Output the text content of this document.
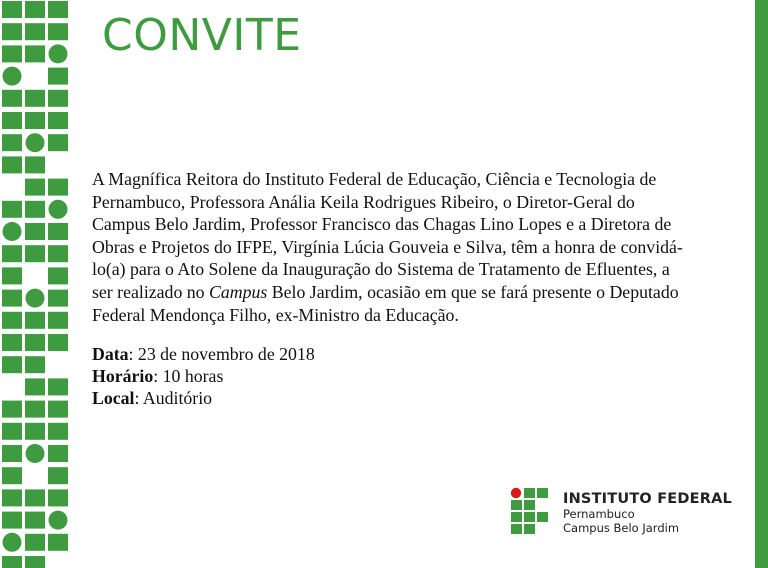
CONVITE
A Magnífica Reitora do Instituto Federal de Educação, Ciência e Tecnologia de
Pernambuco, Professora Anália Keila Rodrigues Ribeiro, o Diretor-Geral do
Campus Belo Jardim, Professor Francisco das Chagas Lino Lopes e a Diretora de
Obras e Projetos do IFPE, Virgínia Lúcia Gouveia e Silva, têm a honra de convidá-
lo(a) para o Ato Solene da Inauguração do Sistema de Tratamento de Efluentes, a
ser realizado no Campus Belo Jardim, ocasião em que se fará presente o Deputado
Federal Mendonça Filho, ex-Ministro da Educação.
Data: 23 de novembro de 2018
Horário: 10 horas
Local: Auditório
INSTITUTO FEDERAL
Pernambuco
Campus Belo Jardim
